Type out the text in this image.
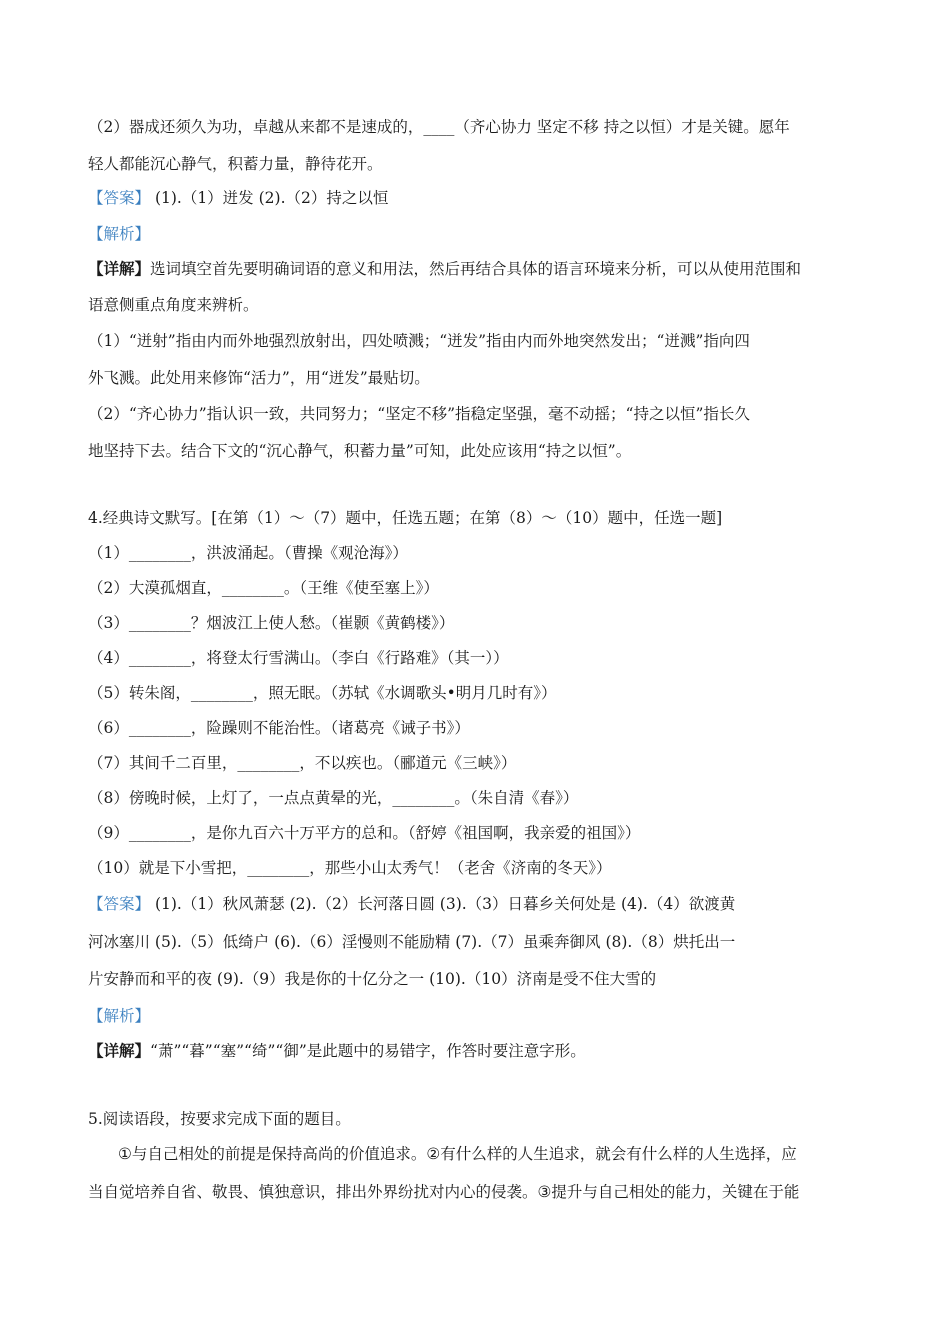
（2）器成还须久为功，卓越从来都不是速成的，____（齐心协力 坚定不移 持之以恒）才是关键。愿年
轻人都能沉心静气，积蓄力量，静待花开。
【答案】 (1).（1）迸发 (2).（2）持之以恒
【解析】
【详解】选词填空首先要明确词语的意义和用法，然后再结合具体的语言环境来分析，可以从使用范围和
语意侧重点角度来辨析。
（1）“迸射”指由内而外地强烈放射出，四处喷溅；“迸发”指由内而外地突然发出；“迸溅”指向四
外飞溅。此处用来修饰“活力”，用“迸发”最贴切。
（2）“齐心协力”指认识一致，共同努力；“坚定不移”指稳定坚强，毫不动摇；“持之以恒”指长久
地坚持下去。结合下文的“沉心静气，积蓄力量”可知，此处应该用“持之以恒”。
4.经典诗文默写。[在第（1）～（7）题中，任选五题；在第（8）～（10）题中，任选一题]
（1）________，洪波涌起。（曹操《观沧海》）
（2）大漠孤烟直，________。（王维《使至塞上》）
（3）________？烟波江上使人愁。（崔颢《黄鹤楼》）
（4）________，将登太行雪满山。（李白《行路难》（其一））
（5）转朱阁，________，照无眠。（苏轼《水调歌头•明月几时有》）
（6）________，险躁则不能治性。（诸葛亮《诫子书》）
（7）其间千二百里，________，不以疾也。（郦道元《三峡》）
（8）傍晚时候，上灯了，一点点黄晕的光，________。（朱自清《春》）
（9）________，是你九百六十万平方的总和。（舒婷《祖国啊，我亲爱的祖国》）
（10）就是下小雪把，________，那些小山太秀气！（老舍《济南的冬天》）
【答案】 (1).（1）秋风萧瑟 (2).（2）长河落日圆 (3).（3）日暮乡关何处是 (4).（4）欲渡黄
河冰塞川 (5).（5）低绮户 (6).（6）淫慢则不能励精 (7).（7）虽乘奔御风 (8).（8）烘托出一
片安静而和平的夜 (9).（9）我是你的十亿分之一 (10).（10）济南是受不住大雪的
【解析】
【详解】“萧”“暮”“塞”“绮”“御”是此题中的易错字，作答时要注意字形。
5.阅读语段，按要求完成下面的题目。
①与自己相处的前提是保持高尚的价值追求。②有什么样的人生追求，就会有什么样的人生选择，应
当自觉培养自省、敬畏、慎独意识，排出外界纷扰对内心的侵袭。③提升与自己相处的能力，关键在于能
